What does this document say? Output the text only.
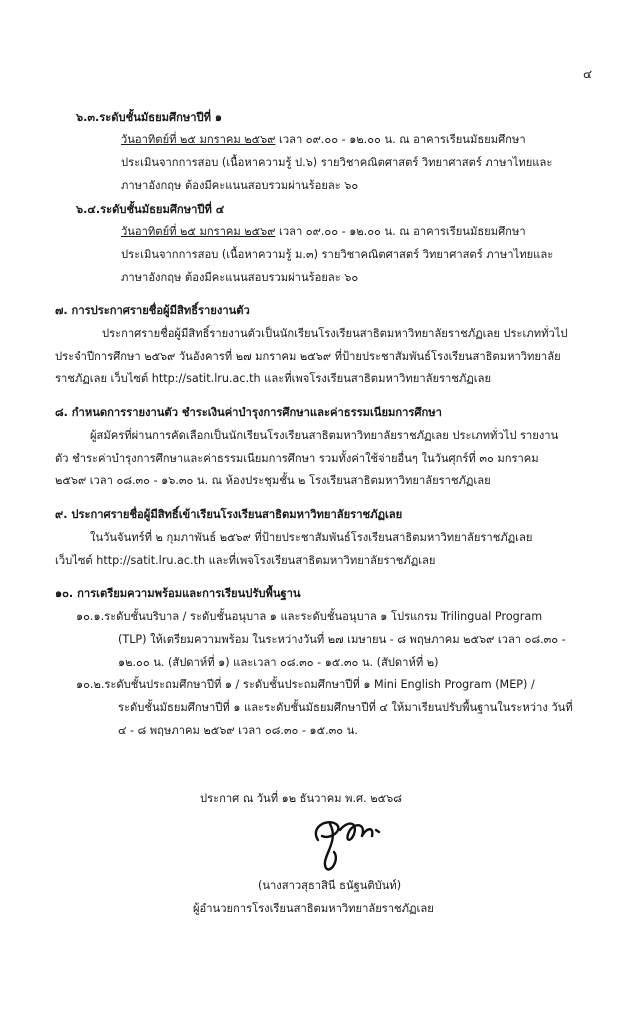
๔
๖.๓.ระดับชั้นมัธยมศึกษาปีที่ ๑
วันอาทิตย์ที่ ๒๕ มกราคม ๒๕๖๙ เวลา ๐๙.๐๐ - ๑๒.๐๐ น. ณ อาคารเรียนมัธยมศึกษา
ประเมินจากการสอบ (เนื้อหาความรู้ ป.๖) รายวิชาคณิตศาสตร์ วิทยาศาสตร์ ภาษาไทยและ
ภาษาอังกฤษ ต้องมีคะแนนสอบรวมผ่านร้อยละ ๖๐
๖.๔.ระดับชั้นมัธยมศึกษาปีที่ ๔
วันอาทิตย์ที่ ๒๕ มกราคม ๒๕๖๙ เวลา ๐๙.๐๐ - ๑๒.๐๐ น. ณ อาคารเรียนมัธยมศึกษา
ประเมินจากการสอบ (เนื้อหาความรู้ ม.๓) รายวิชาคณิตศาสตร์ วิทยาศาสตร์ ภาษาไทยและ
ภาษาอังกฤษ ต้องมีคะแนนสอบรวมผ่านร้อยละ ๖๐
๗. การประกาศรายชื่อผู้มีสิทธิ์รายงานตัว
ประกาศรายชื่อผู้มีสิทธิ์รายงานตัวเป็นนักเรียนโรงเรียนสาธิตมหาวิทยาลัยราชภัฏเลย ประเภททั่วไป
ประจำปีการศึกษา ๒๕๖๙ วันอังคารที่ ๒๗ มกราคม ๒๕๖๙ ที่ป้ายประชาสัมพันธ์โรงเรียนสาธิตมหาวิทยาลัย
ราชภัฏเลย เว็บไซต์ http://satit.lru.ac.th และที่เพจโรงเรียนสาธิตมหาวิทยาลัยราชภัฏเลย
๘. กำหนดการรายงานตัว ชำระเงินค่าบำรุงการศึกษาและค่าธรรมเนียมการศึกษา
ผู้สมัครที่ผ่านการคัดเลือกเป็นนักเรียนโรงเรียนสาธิตมหาวิทยาลัยราชภัฏเลย ประเภททั่วไป รายงาน
ตัว ชำระค่าบำรุงการศึกษาและค่าธรรมเนียมการศึกษา รวมทั้งค่าใช้จ่ายอื่นๆ ในวันศุกร์ที่ ๓๐ มกราคม
๒๕๖๙ เวลา ๐๘.๓๐ - ๑๖.๓๐ น. ณ ห้องประชุมชั้น ๒ โรงเรียนสาธิตมหาวิทยาลัยราชภัฏเลย
๙. ประกาศรายชื่อผู้มีสิทธิ์เข้าเรียนโรงเรียนสาธิตมหาวิทยาลัยราชภัฏเลย
ในวันจันทร์ที่ ๒ กุมภาพันธ์ ๒๕๖๙ ที่ป้ายประชาสัมพันธ์โรงเรียนสาธิตมหาวิทยาลัยราชภัฏเลย
เว็บไซต์ http://satit.lru.ac.th และที่เพจโรงเรียนสาธิตมหาวิทยาลัยราชภัฏเลย
๑๐. การเตรียมความพร้อมและการเรียนปรับพื้นฐาน
๑๐.๑.ระดับชั้นบริบาล / ระดับชั้นอนุบาล ๑ และระดับชั้นอนุบาล ๑ โปรแกรม Trilingual Program
(TLP) ให้เตรียมความพร้อม ในระหว่างวันที่ ๒๗ เมษายน - ๘ พฤษภาคม ๒๕๖๙ เวลา ๐๘.๓๐ -
๑๒.๐๐ น. (สัปดาห์ที่ ๑) และเวลา ๐๘.๓๐ - ๑๕.๓๐ น. (สัปดาห์ที่ ๒)
๑๐.๒.ระดับชั้นประถมศึกษาปีที่ ๑ / ระดับชั้นประถมศึกษาปีที่ ๑ Mini English Program (MEP) /
ระดับชั้นมัธยมศึกษาปีที่ ๑ และระดับชั้นมัธยมศึกษาปีที่ ๔ ให้มาเรียนปรับพื้นฐานในระหว่าง วันที่
๔ - ๘ พฤษภาคม ๒๕๖๙ เวลา ๐๘.๓๐ - ๑๕.๓๐ น.
ประกาศ ณ วันที่ ๑๒ ธันวาคม พ.ศ. ๒๕๖๘
(นางสาวสุธาสินี ธนัฐนติบันท์)
ผู้อำนวยการโรงเรียนสาธิตมหาวิทยาลัยราชภัฏเลย
